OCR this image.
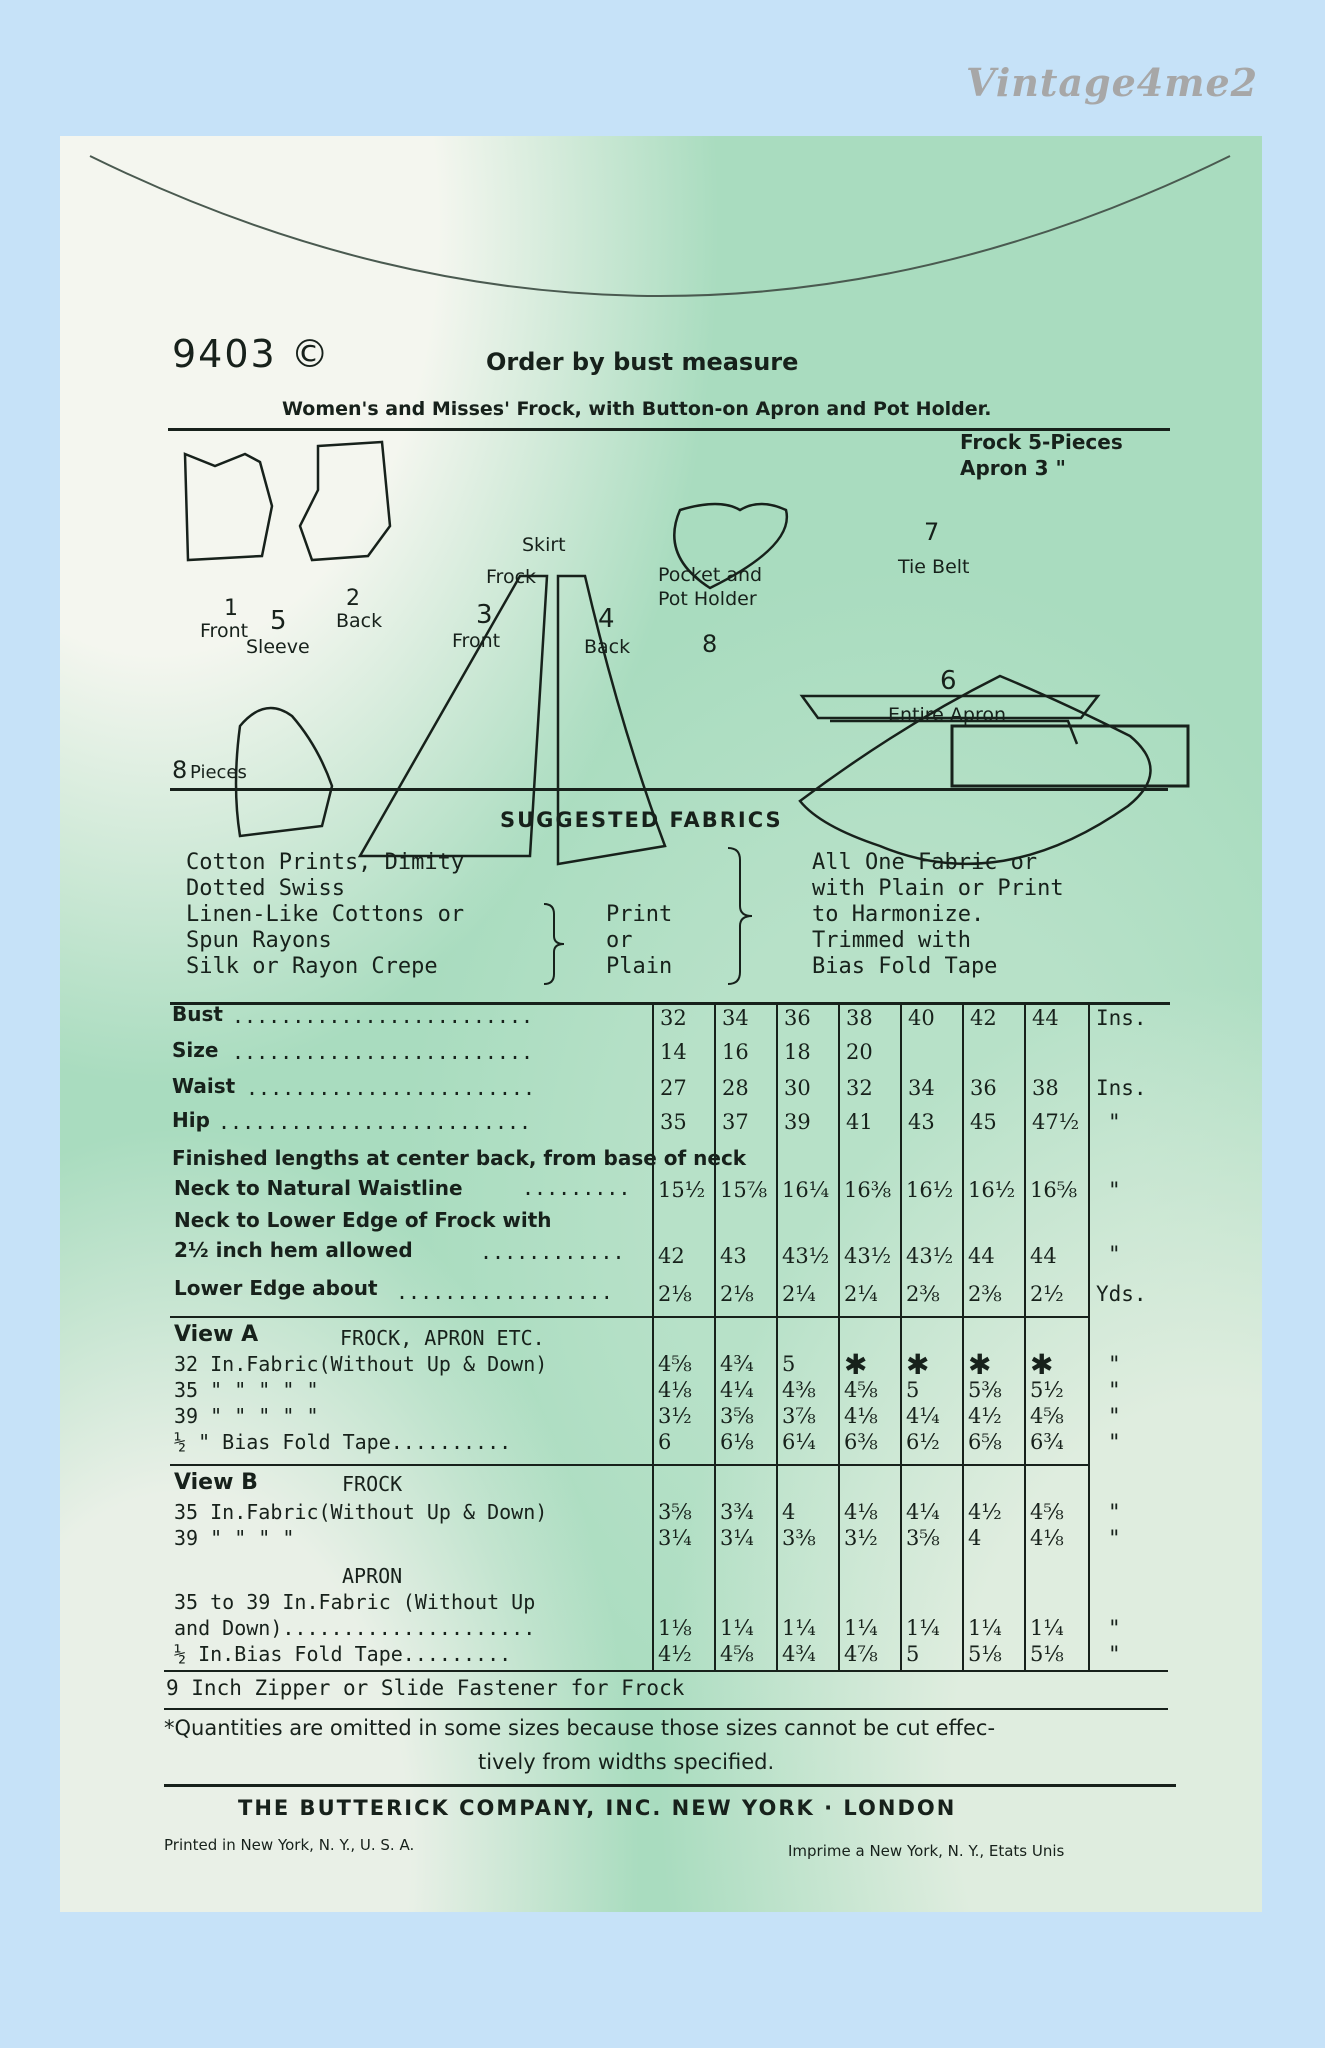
Vintage4me2
9403 ©	Order by bust measure
Women's and Misses' Frock, with Button-on Apron and Pot Holder.
1
Front
2
Back
Frock	Pocket and
Pot Holder
8
Frock 5-Pieces
Apron 3 "
Skirt
3
Front
4
Back
5
Sleeve
7
Tie Belt
6
Entire Apron
8 Pieces
SUGGESTED FABRICS
Cotton Prints, Dimity
Dotted Swiss
Linen-Like Cottons or
Spun Rayons
Silk or Rayon Crepe
Print
or
Plain
All One Fabric or
with Plain or Print
to Harmonize.
Trimmed with
Bias Fold Tape
Bust .........................	32 34 36 38 40 42 44 Ins.
Size .........................	14 16 18 20
Waist ........................	27 28 30 32 34 36 38 Ins.
Hip ..........................	35 37 39 41 43 45 47½ "
Finished lengths at center back, from base of neck
Neck to Natural Waistline	......... 15½ 15⅞ 16¼ 16⅜ 16½ 16½ 16⅝ "
Neck to Lower Edge of Frock with
2½ inch hem allowed	............ 42 43 43½ 43½ 43½ 44 44 "
Lower Edge about .................. 2⅛ 2⅛ 2¼ 2¼ 2⅜ 2⅜ 2½ Yds.
View A	FROCK, APRON ETC.
32 In.Fabric(Without Up & Down)	4⅝ 4¾ 5 ✱ ✱ ✱ ✱	"
35 " " " " "	4⅛ 4¼ 4⅜ 4⅝ 5 5⅜ 5½ "
39 " " " " "	3½ 3⅝ 3⅞ 4⅛ 4¼ 4½ 4⅝ "
½ " Bias Fold Tape..........	6 6⅛ 6¼ 6⅜ 6½ 6⅝ 6¾ "
View B	FROCK
35 In.Fabric(Without Up & Down)	3⅝ 3¾ 4 4⅛ 4¼ 4½ 4⅝ "
39 " " " "	3¼ 3¼ 3⅜ 3½ 3⅝ 4 4⅛ "
APRON
35 to 39 In.Fabric (Without Up
and Down).....................	1⅛ 1¼ 1¼ 1¼ 1¼ 1¼ 1¼ "
½ In.Bias Fold Tape.........	4½ 4⅝ 4¾ 4⅞ 5 5⅛ 5⅛ "
9 Inch Zipper or Slide Fastener for Frock
*Quantities are omitted in some sizes because those sizes cannot be cut effec-
tively from widths specified.
THE BUTTERICK COMPANY, INC. NEW YORK · LONDON
Printed in New York, N. Y., U. S. A.	Imprime a New York, N. Y., Etats Unis
